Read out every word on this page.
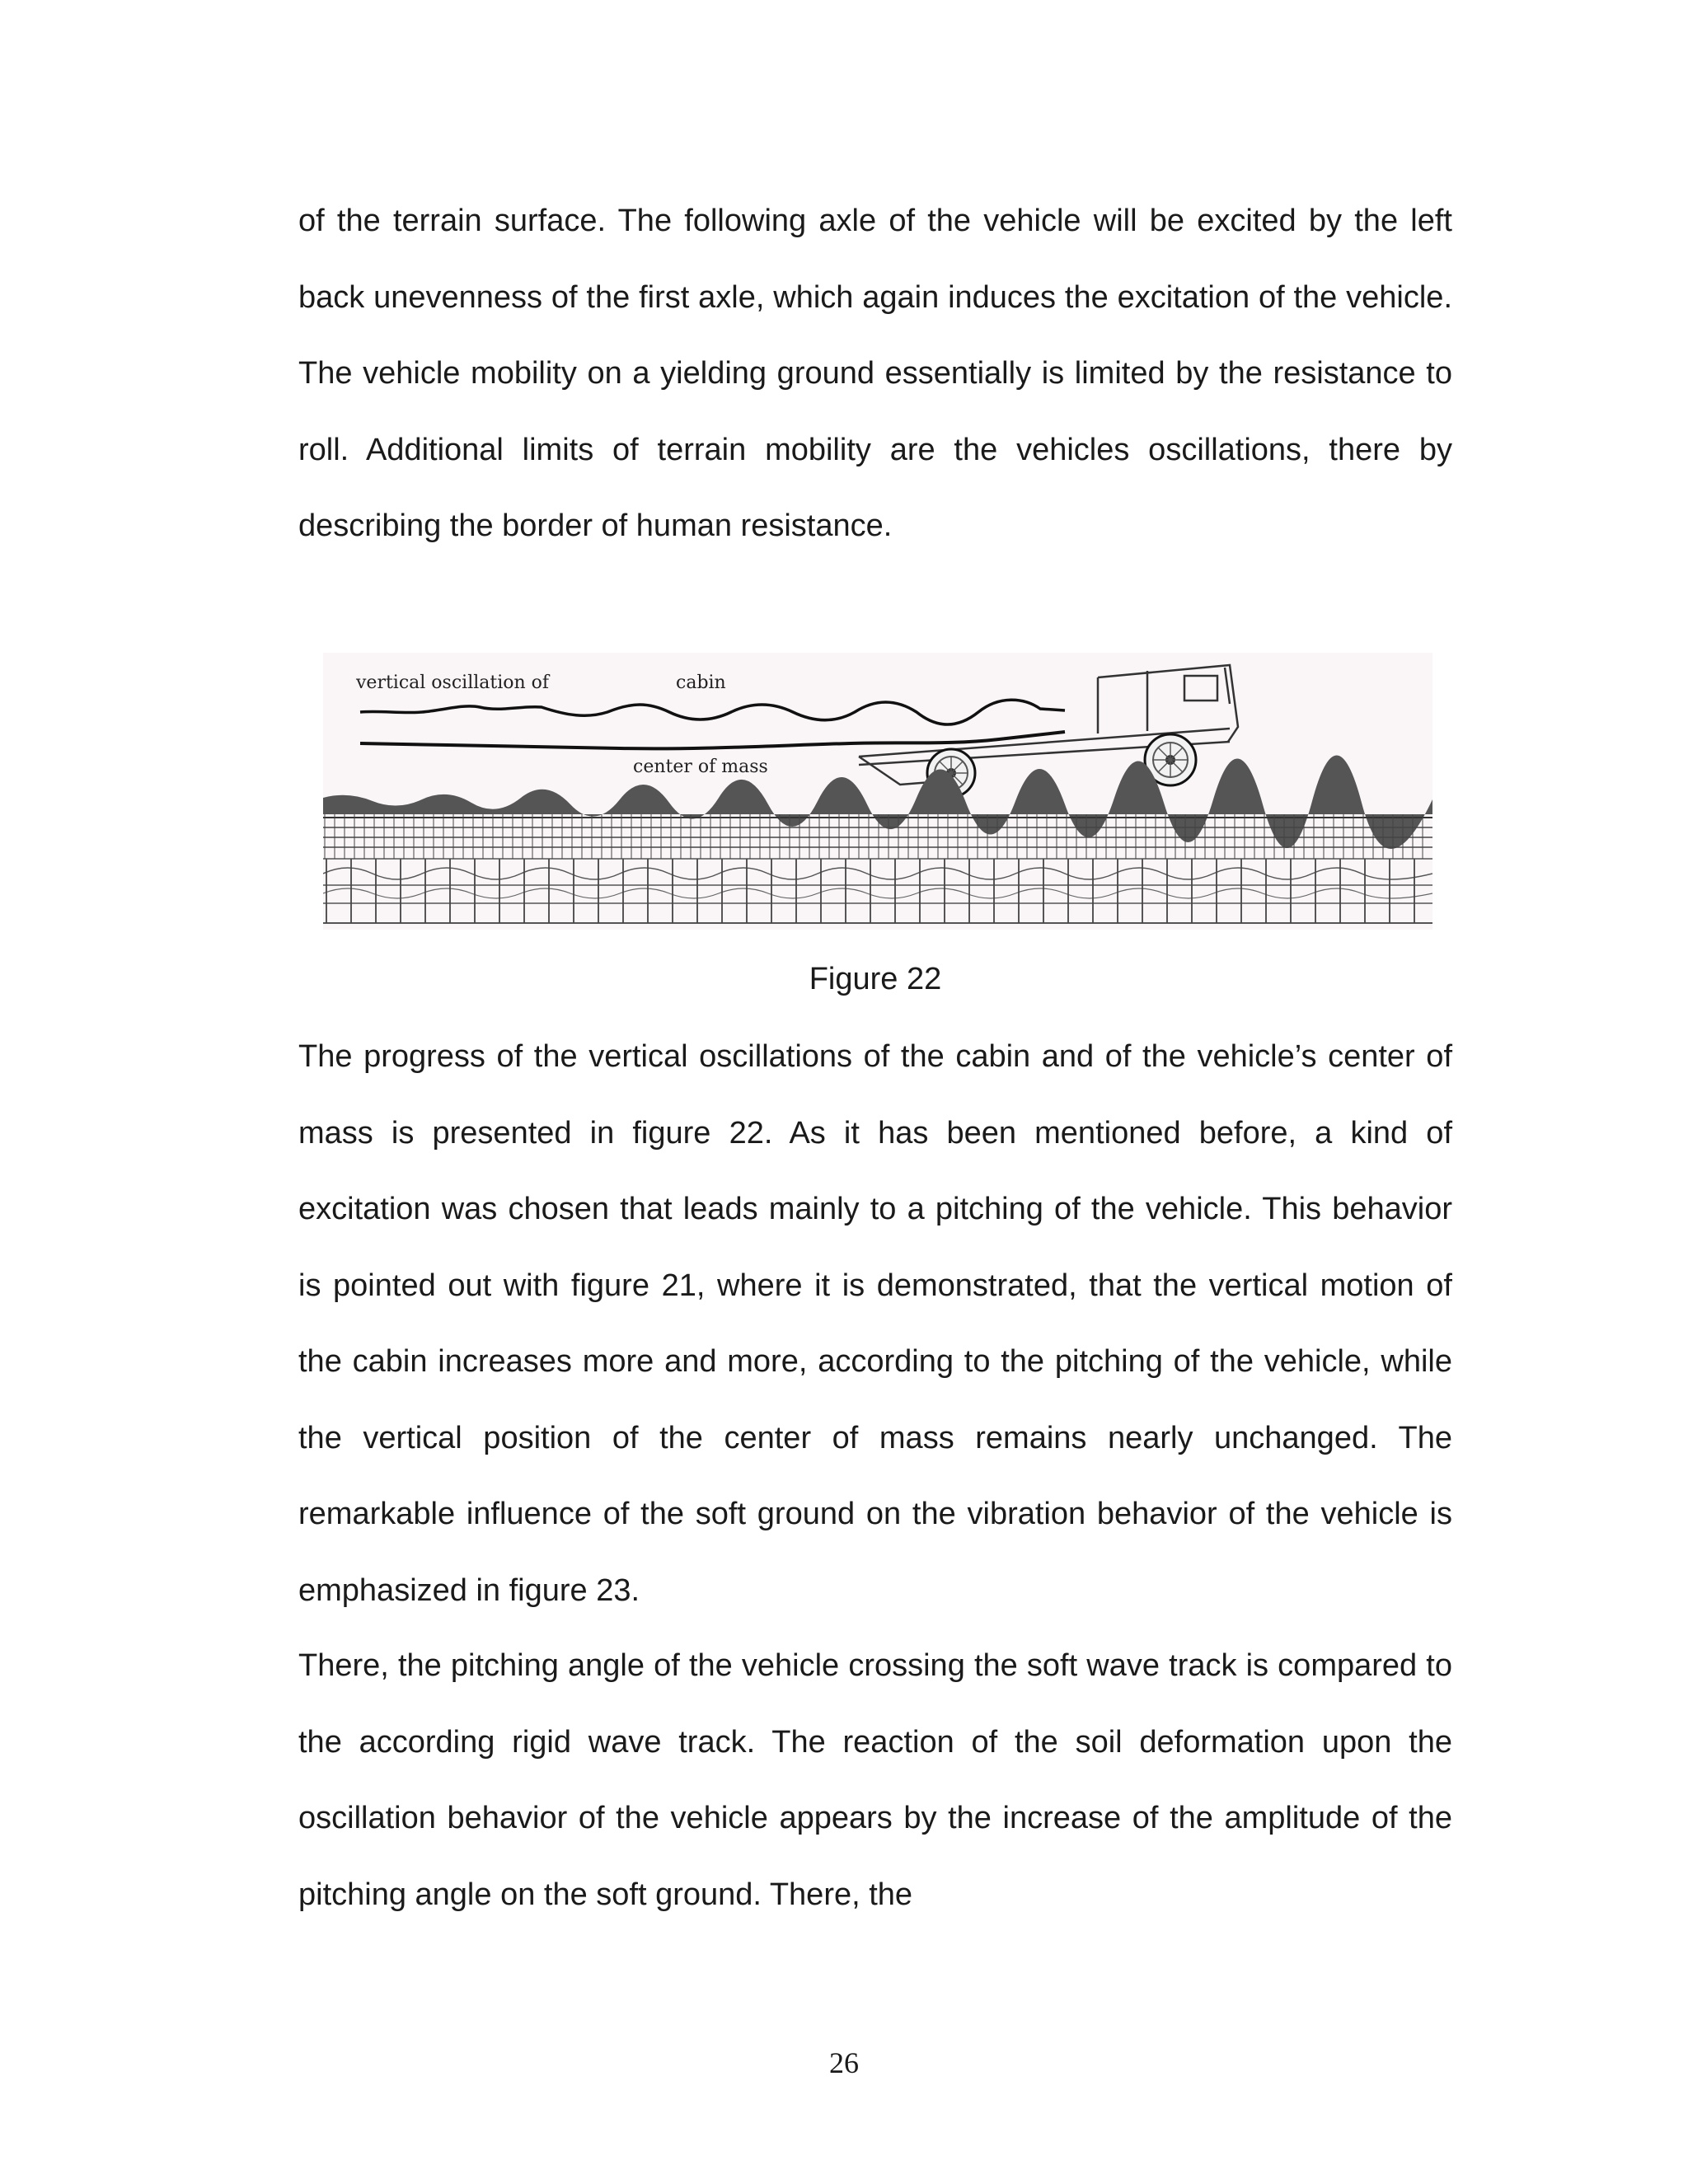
of the terrain surface. The following axle of the vehicle will be excited by the left back unevenness of the first axle, which again induces the excitation of the vehicle. The vehicle mobility on a yielding ground essentially is limited by the resistance to roll. Additional limits of terrain mobility are the vehicles oscillations, there by describing the border of human resistance.
vertical oscillation of	cabin
center of mass
Figure 22
The progress of the vertical oscillations of the cabin and of the vehicle’s center of mass is presented in figure 22. As it has been mentioned before, a kind of excitation was chosen that leads mainly to a pitching of the vehicle. This behavior is pointed out with figure 21, where it is demonstrated, that the vertical motion of the cabin increases more and more, according to the pitching of the vehicle, while the vertical position of the center of mass remains nearly unchanged. The remarkable influence of the soft ground on the vibration behavior of the vehicle is emphasized in figure 23.
There, the pitching angle of the vehicle crossing the soft wave track is compared to the according rigid wave track. The reaction of the soil deformation upon the oscillation behavior of the vehicle appears by the increase of the amplitude of the pitching angle on the soft ground. There, the
26
